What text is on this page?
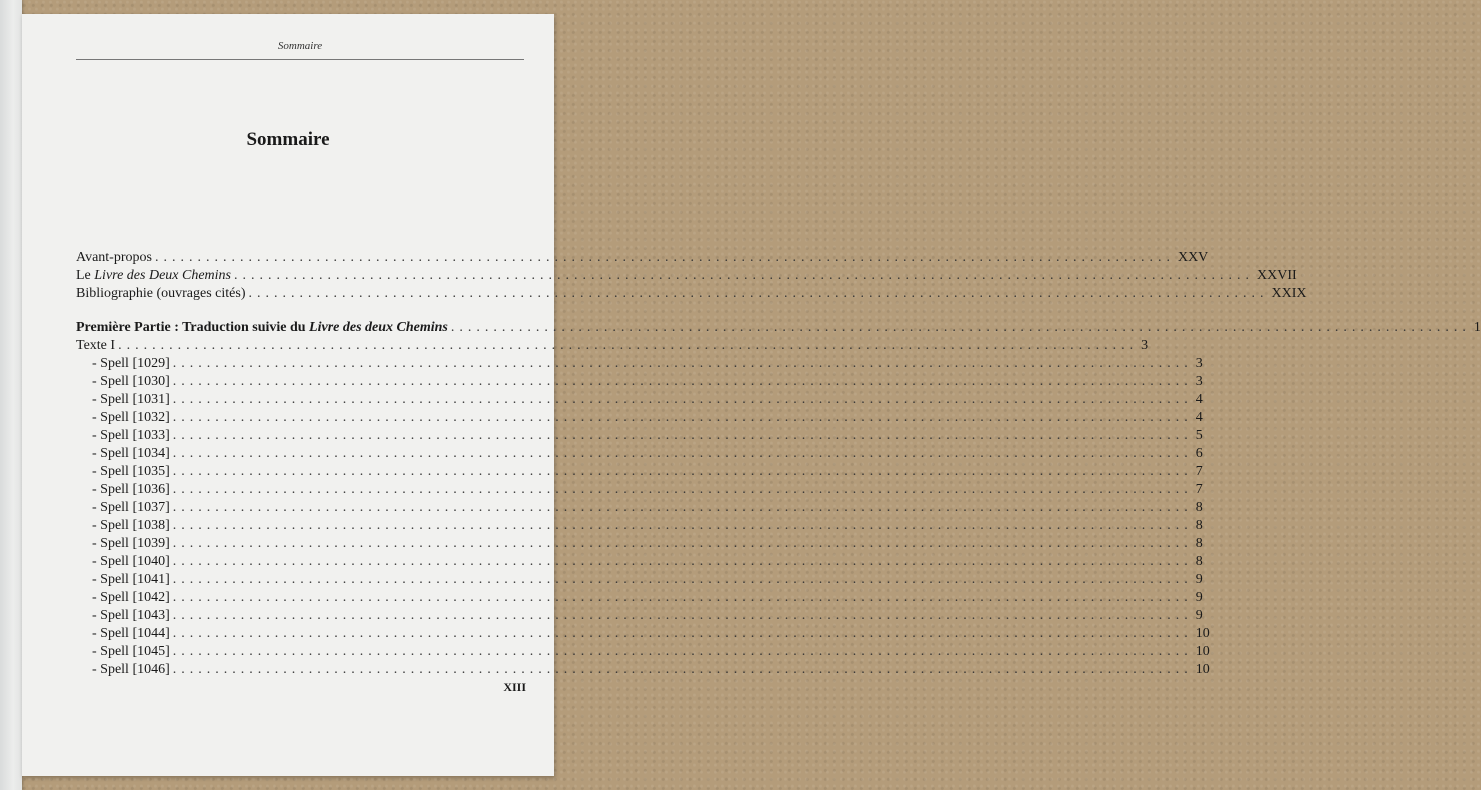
Sommaire
Sommaire
Avant-propos ........................................................................................................................ XXV
Le Livre des Deux Chemins ........................................................................................................................ XXVII
Bibliographie (ouvrages cités) ........................................................................................................................ XXIX
Première Partie : Traduction suivie du Livre des deux Chemins ........................................................................................................................ 1
Texte I ........................................................................................................................ 3
- Spell [1029] ........................................................................................................................ 3
- Spell [1030] ........................................................................................................................ 3
- Spell [1031] ........................................................................................................................ 4
- Spell [1032] ........................................................................................................................ 4
- Spell [1033] ........................................................................................................................ 5
- Spell [1034] ........................................................................................................................ 6
- Spell [1035] ........................................................................................................................ 7
- Spell [1036] ........................................................................................................................ 7
- Spell [1037] ........................................................................................................................ 8
- Spell [1038] ........................................................................................................................ 8
- Spell [1039] ........................................................................................................................ 8
- Spell [1040] ........................................................................................................................ 8
- Spell [1041] ........................................................................................................................ 9
- Spell [1042] ........................................................................................................................ 9
- Spell [1043] ........................................................................................................................ 9
- Spell [1044] ........................................................................................................................ 10
- Spell [1045] ........................................................................................................................ 10
- Spell [1046] ........................................................................................................................ 10
XIII
